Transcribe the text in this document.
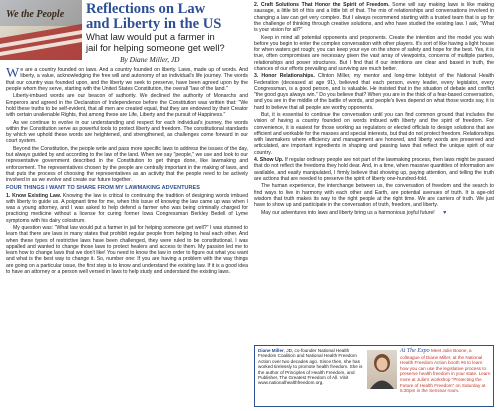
We the People Reflections on Law
and Liberty in the US
What law would put a farmer in
jail for helping someone get well?
By Diane Miller, JD

We are a country founded on laws. And a country founded on liberty. Laws, made up of words. And liberty, a value, acknowledging the free will and autonomy of an individual's life journey. The words that our country was founded upon, and the liberty we seek to preserve, have been agreed upon by the people whom they serve, starting with the United States Constitution, the overall "law of the land."

Liberty-imbued words are our beacon of authority. We declined the authority of Monarchs and Emperors and agreed in the Declaration of Independence before the Constitution was written that: "We hold these truths to be self-evident, that all men are created equal, that they are endowed by their Creator with certain unalienable Rights, that among these are Life, Liberty and the pursuit of Happiness."

As we continue to evolve in our understanding and respect for each individual's journey, the words within the Constitution serve as powerful tools to protect liberty and freedom. The constitutional standards by which we uphold these words are heightened, and strengthened, as challenges come forward in our court system.

Beyond the Constitution, the people write and pass more specific laws to address the issues of the day, but always guided by and according to the law of the land. When we say "people," we use and look to our representative government described in the Constitution to get things done, like lawmaking and enforcement. The representatives chosen by the people are centrally important in the making of laws, and that puts the process of choosing the representatives as an activity that the people need to be actively involved in as we evolve and create our future together.

FOUR THINGS I WANT TO SHARE FROM MY LAWMAKING ADVENTURES

1. Know Existing Law. Knowing the law is critical to continuing the tradition of designing words imbued with liberty to guide us. A poignant time for me, when this issue of knowing the law came up was when I was a young attorney, and I was asked to help defend a farmer who was being criminally charged for practicing medicine without a license for curing former Iowa Congressman Berkley Bedell of Lyme symptoms with his dairy colostrum.

My question was: "What law would put a farmer in jail for helping someone get well?" I was stunned to learn that there are laws in many states that prohibit regular people from helping to heal each other. And when these types of restrictive laws have been challenged, they were ruled to be constitutional. I was appalled and wanted to change those laws to protect healers and access to them. My passion led me to learn how to change laws that we don't like! You need to know the law in order to figure out what you want and what is the best way to change it. So, number one: If you are having a problem with the way things are going on a particular issue, the first step is to know and understand the existing law. If it is a good idea to have an attorney or a person well versed in laws to help study and understand the existing laws.

2. Craft Solutions That Honor the Spirit of Freedom. Some will say making laws is like making sausage, a little bit of this and a little bit of that. The mix of relationships and conversations involved in changing a law can get very complex. But I always recommend starting with a trusted team that is up for the challenge of thinking through creative solutions, and who have studied the existing law. I ask, "What is your vision for all?"

Keep in mind all potential opponents and proponents. Create the intention and the model you wish before you begin to enter the complex conversation with other players. It's sort of like having a light house for when waters get rough; you can keep your eye on the shore of safety and hope for the best. Yes, it is true, often compromises are necessary given the vast array of viewpoints, concerns of multiple parties, relationships and power structures. But I find that if our intentions are clear and based in truth, the chances of our efforts prevailing and surviving are much better.

3. Honor Relationships. Clinton Miller, my mentor and long-time lobbyist of the National Health Federation (deceased at age 91), believed that each person, every leader, every legislator, every Congressman, is a good person, and is valuable. He insisted that in the situation of debate and conflict "the good guys always win." Do you believe that? When you are in the thick of a fear-based conversation, and you are in the middle of the battle of words, and people's lives depend on what those words say, it is hard to believe that all people are worthy opponents.

But, it is essential to continue the conversation until you can find common ground that includes the vision of having a country founded on words imbued with liberty and the spirit of freedom. For convenience, it is easiest for those working as regulators or elected officials to design solutions that are efficient and workable for the masses and special interests, but that do not protect freedom. Relationships with lawmakers where efficiency and management are honored, and liberty words are preserved and articulated, are important ingredients in shaping and passing laws that reflect the unique spirit of our country.

4. Show Up. If regular ordinary people are not part of the lawmaking process, then laws might be passed that do not reflect the freedoms they hold dear. And, in a time, when massive quantities of information are available, and easily manipulated, I firmly believe that showing up, paying attention, and telling the truth are actions that are needed to preserve the spirit of liberty one-hundred-fold.

The human experience, the interchange between us, the conversation of freedom and the search to find ways to live in harmony with each other and Earth, are potential avenues of truth. It is age-old wisdom that truth makes its way to the right people at the right time. We are carriers of truth. We just have to show up and participate in the conversation of truth, freedom, and liberty.

May our adventures into laws and liberty bring us a harmonious joyful future! ♥

Diane Miller, JD, co-founder National Health Freedom Coalition and National Health Freedom Action over two decades ago. Since then, she has worked tirelessly to promote health freedom. She is the author of Principles of Health Freedom, and Publisher, The Greatest Freedom of All. Visit www.nationalhealthfreedom.org.
At The Expo Meet Julie Boone, a colleague of Diane Miller, at the National Health Freedom Action booth #6 to learn how you can use the legislative process to preserve health freedom in your state. Learn more at Julie's workshop "Protecting the Future of Health Freedom" on Saturday at 5:30pm in the Seminar room.
